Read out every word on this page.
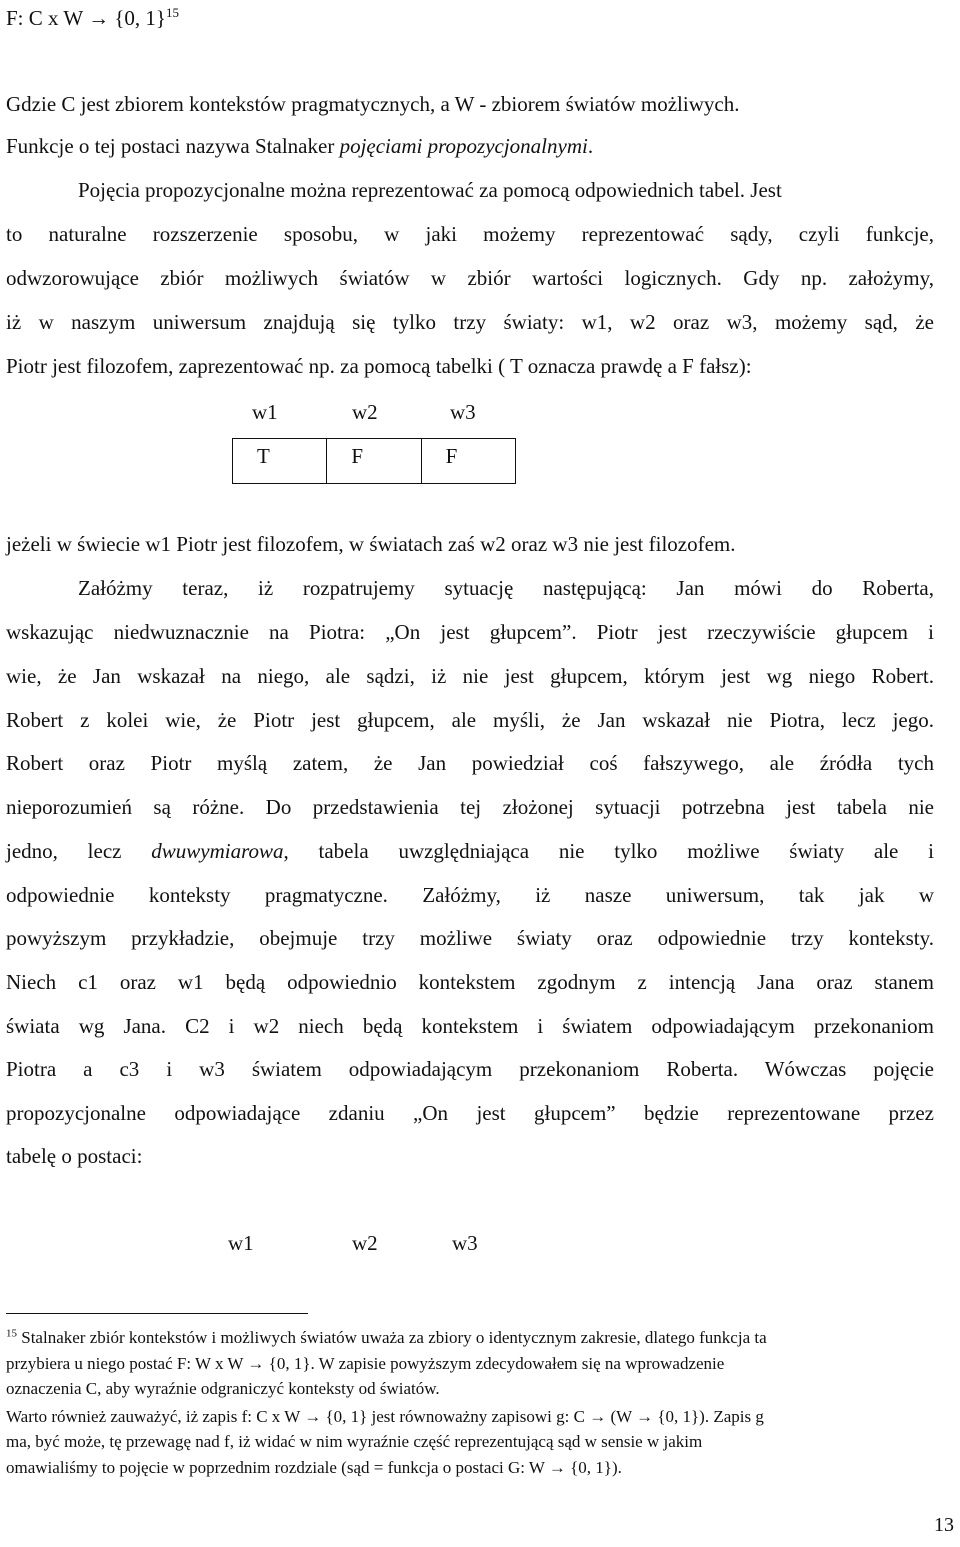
F: C x W → {0, 1}$^{15}$
Gdzie C jest zbiorem kontekstów pragmatycznych, a W - zbiorem światów możliwych.
Funkcje o tej postaci nazywa Stalnaker pojęciami propozycjonalnymi.
Pojęcia propozycjonalne można reprezentować za pomocą odpowiednich tabel. Jest
to naturalne rozszerzenie sposobu, w jaki możemy reprezentować sądy, czyli funkcje,
odwzorowujące zbiór możliwych światów w zbiór wartości logicznych. Gdy np. założymy,
iż w naszym uniwersum znajdują się tylko trzy światy: w1, w2 oraz w3, możemy sąd, że
Piotr jest filozofem, zaprezentować np. za pomocą tabelki ( T oznacza prawdę a F fałsz):
w1	w2	w3
T	F	F
jeżeli w świecie w1 Piotr jest filozofem, w światach zaś w2 oraz w3 nie jest filozofem.
Załóżmy teraz, iż rozpatrujemy sytuację następującą: Jan mówi do Roberta,
wskazując niedwuznacznie na Piotra: „On jest głupcem”. Piotr jest rzeczywiście głupcem i
wie, że Jan wskazał na niego, ale sądzi, iż nie jest głupcem, którym jest wg niego Robert.
Robert z kolei wie, że Piotr jest głupcem, ale myśli, że Jan wskazał nie Piotra, lecz jego.
Robert oraz Piotr myślą zatem, że Jan powiedział coś fałszywego, ale źródła tych
nieporozumień są różne. Do przedstawienia tej złożonej sytuacji potrzebna jest tabela nie
jedno, lecz dwuwymiarowa, tabela uwzględniająca nie tylko możliwe światy ale i
odpowiednie konteksty pragmatyczne. Załóżmy, iż nasze uniwersum, tak jak w
powyższym przykładzie, obejmuje trzy możliwe światy oraz odpowiednie trzy konteksty.
Niech c1 oraz w1 będą odpowiednio kontekstem zgodnym z intencją Jana oraz stanem
świata wg Jana. C2 i w2 niech będą kontekstem i światem odpowiadającym przekonaniom
Piotra a c3 i w3 światem odpowiadającym przekonaniom Roberta. Wówczas pojęcie
propozycjonalne odpowiadające zdaniu „On jest głupcem” będzie reprezentowane przez
tabelę o postaci:
w1	w2	w3
$^{15}$ Stalnaker zbiór kontekstów i możliwych światów uważa za zbiory o identycznym zakresie, dlatego funkcja ta
przybiera u niego postać F: W x W → {0, 1}. W zapisie powyższym zdecydowałem się na wprowadzenie
oznaczenia C, aby wyraźnie odgraniczyć konteksty od światów.
Warto również zauważyć, iż zapis f: C x W → {0, 1} jest równoważny zapisowi g: C → (W → {0, 1}). Zapis g
ma, być może, tę przewagę nad f, iż widać w nim wyraźnie część reprezentującą sąd w sensie w jakim
omawialiśmy to pojęcie w poprzednim rozdziale (sąd = funkcja o postaci G: W → {0, 1}).
13
